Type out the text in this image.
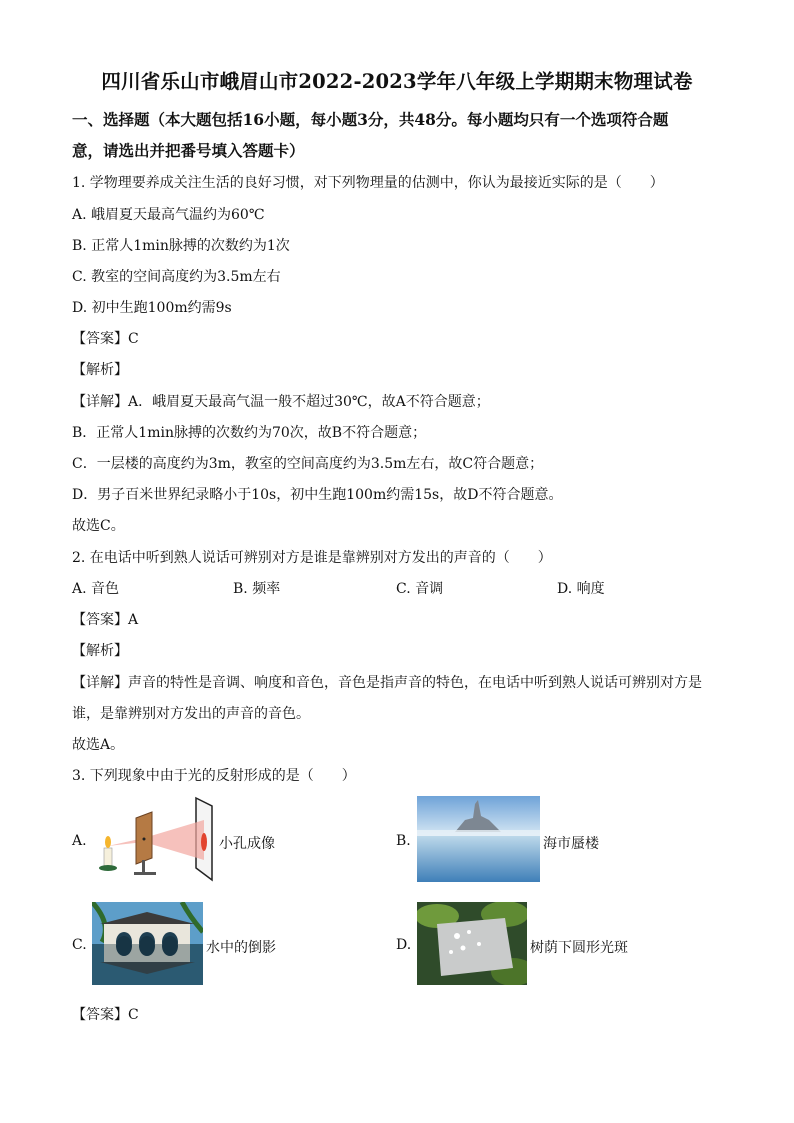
四川省乐山市峨眉山市2022-2023学年八年级上学期期末物理试卷
一、选择题（本大题包括16小题，每小题3分，共48分。每小题均只有一个选项符合题
意，请选出并把番号填入答题卡）
1. 学物理要养成关注生活的良好习惯，对下列物理量的估测中，你认为最接近实际的是（　　）
A. 峨眉夏天最高气温约为60℃
B. 正常人1min脉搏的次数约为1次
C. 教室的空间高度约为3.5m左右
D. 初中生跑100m约需9s
【答案】C
【解析】
【详解】A．峨眉夏天最高气温一般不超过30℃，故A不符合题意；
B．正常人1min脉搏的次数约为70次，故B不符合题意；
C．一层楼的高度约为3m，教室的空间高度约为3.5m左右，故C符合题意；
D．男子百米世界纪录略小于10s，初中生跑100m约需15s，故D不符合题意。
故选C。
2. 在电话中听到熟人说话可辨别对方是谁是靠辨别对方发出的声音的（　　）
A. 音色	B. 频率	C. 音调	D. 响度
【答案】A
【解析】
【详解】声音的特性是音调、响度和音色，音色是指声音的特色，在电话中听到熟人说话可辨别对方是
谁，是靠辨别对方发出的声音的音色。
故选A。
3. 下列现象中由于光的反射形成的是（　　）
A.	小孔成像	B.	海市蜃楼
C.	水中的倒影	D.	树荫下圆形光斑
【答案】C
